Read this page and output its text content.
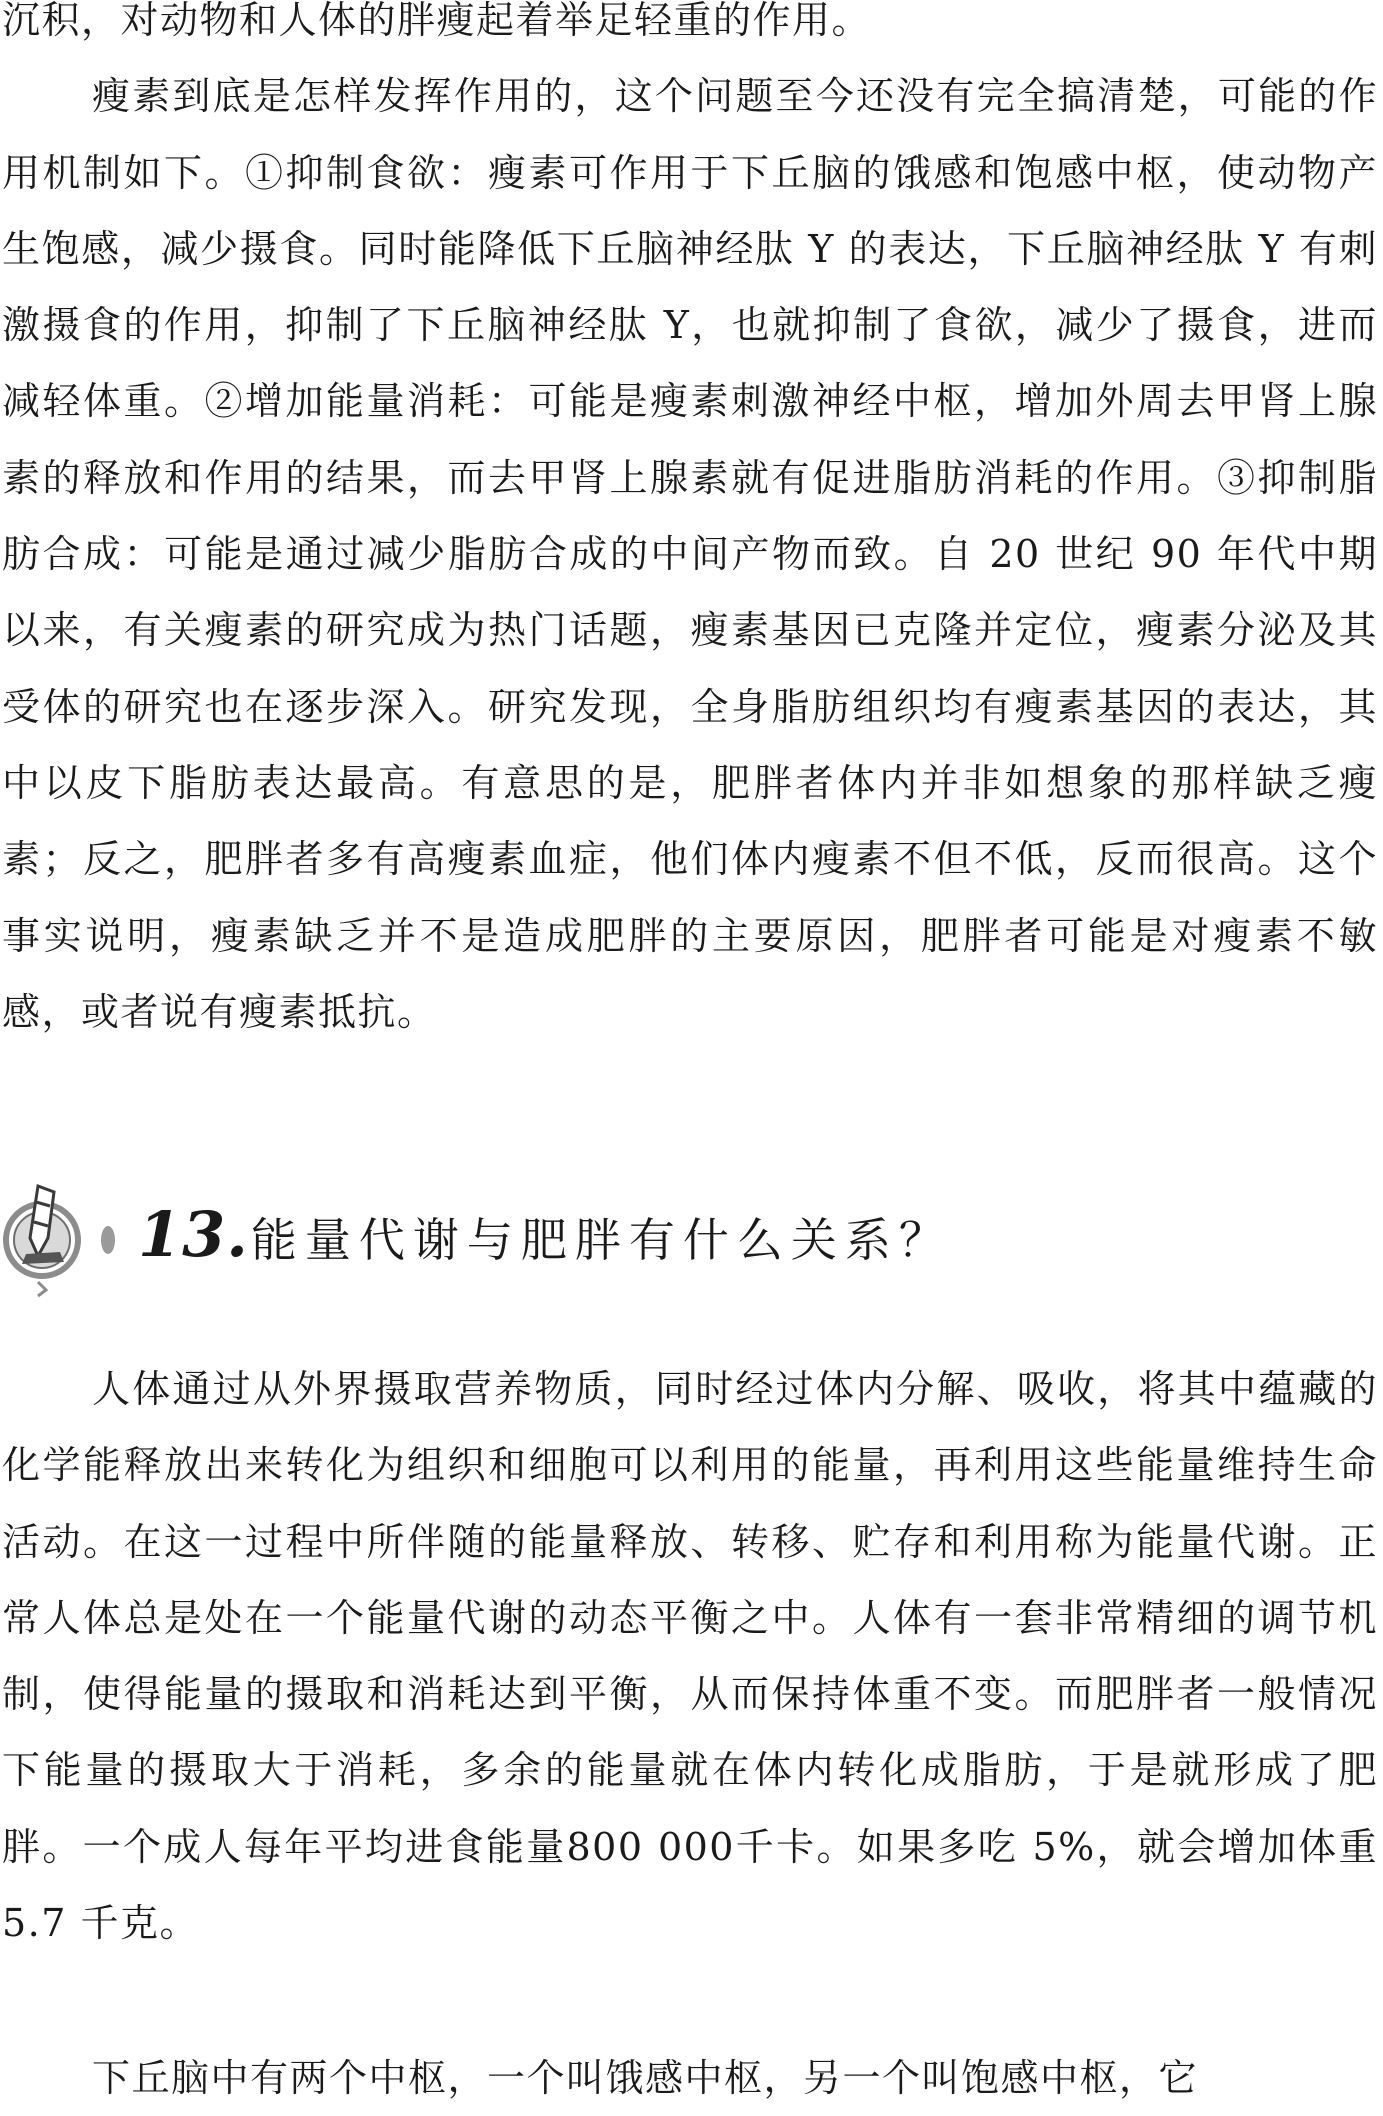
沉积，对动物和人体的胖瘦起着举足轻重的作用。

瘦素到底是怎样发挥作用的，这个问题至今还没有完全搞清楚，可能的作用机制如下。①抑制食欲：瘦素可作用于下丘脑的饿感和饱感中枢，使动物产生饱感，减少摄食。同时能降低下丘脑神经肽 Y 的表达，下丘脑神经肽 Y 有刺激摄食的作用，抑制了下丘脑神经肽 Y，也就抑制了食欲，减少了摄食，进而减轻体重。②增加能量消耗：可能是瘦素刺激神经中枢，增加外周去甲肾上腺素的释放和作用的结果，而去甲肾上腺素就有促进脂肪消耗的作用。③抑制脂肪合成：可能是通过减少脂肪合成的中间产物而致。自 20 世纪 90 年代中期以来，有关瘦素的研究成为热门话题，瘦素基因已克隆并定位，瘦素分泌及其受体的研究也在逐步深入。研究发现，全身脂肪组织均有瘦素基因的表达，其中以皮下脂肪表达最高。有意思的是，肥胖者体内并非如想象的那样缺乏瘦素；反之，肥胖者多有高瘦素血症，他们体内瘦素不但不低，反而很高。这个事实说明，瘦素缺乏并不是造成肥胖的主要原因，肥胖者可能是对瘦素不敏感，或者说有瘦素抵抗。

13. 能量代谢与肥胖有什么关系？

人体通过从外界摄取营养物质，同时经过体内分解、吸收，将其中蕴藏的化学能释放出来转化为组织和细胞可以利用的能量，再利用这些能量维持生命活动。在这一过程中所伴随的能量释放、转移、贮存和利用称为能量代谢。正常人体总是处在一个能量代谢的动态平衡之中。人体有一套非常精细的调节机制，使得能量的摄取和消耗达到平衡，从而保持体重不变。而肥胖者一般情况下能量的摄取大于消耗，多余的能量就在体内转化成脂肪，于是就形成了肥胖。一个成人每年平均进食能量800 000千卡。如果多吃 5%，就会增加体重 5.7 千克。

下丘脑中有两个中枢，一个叫饿感中枢，另一个叫饱感中枢，它
